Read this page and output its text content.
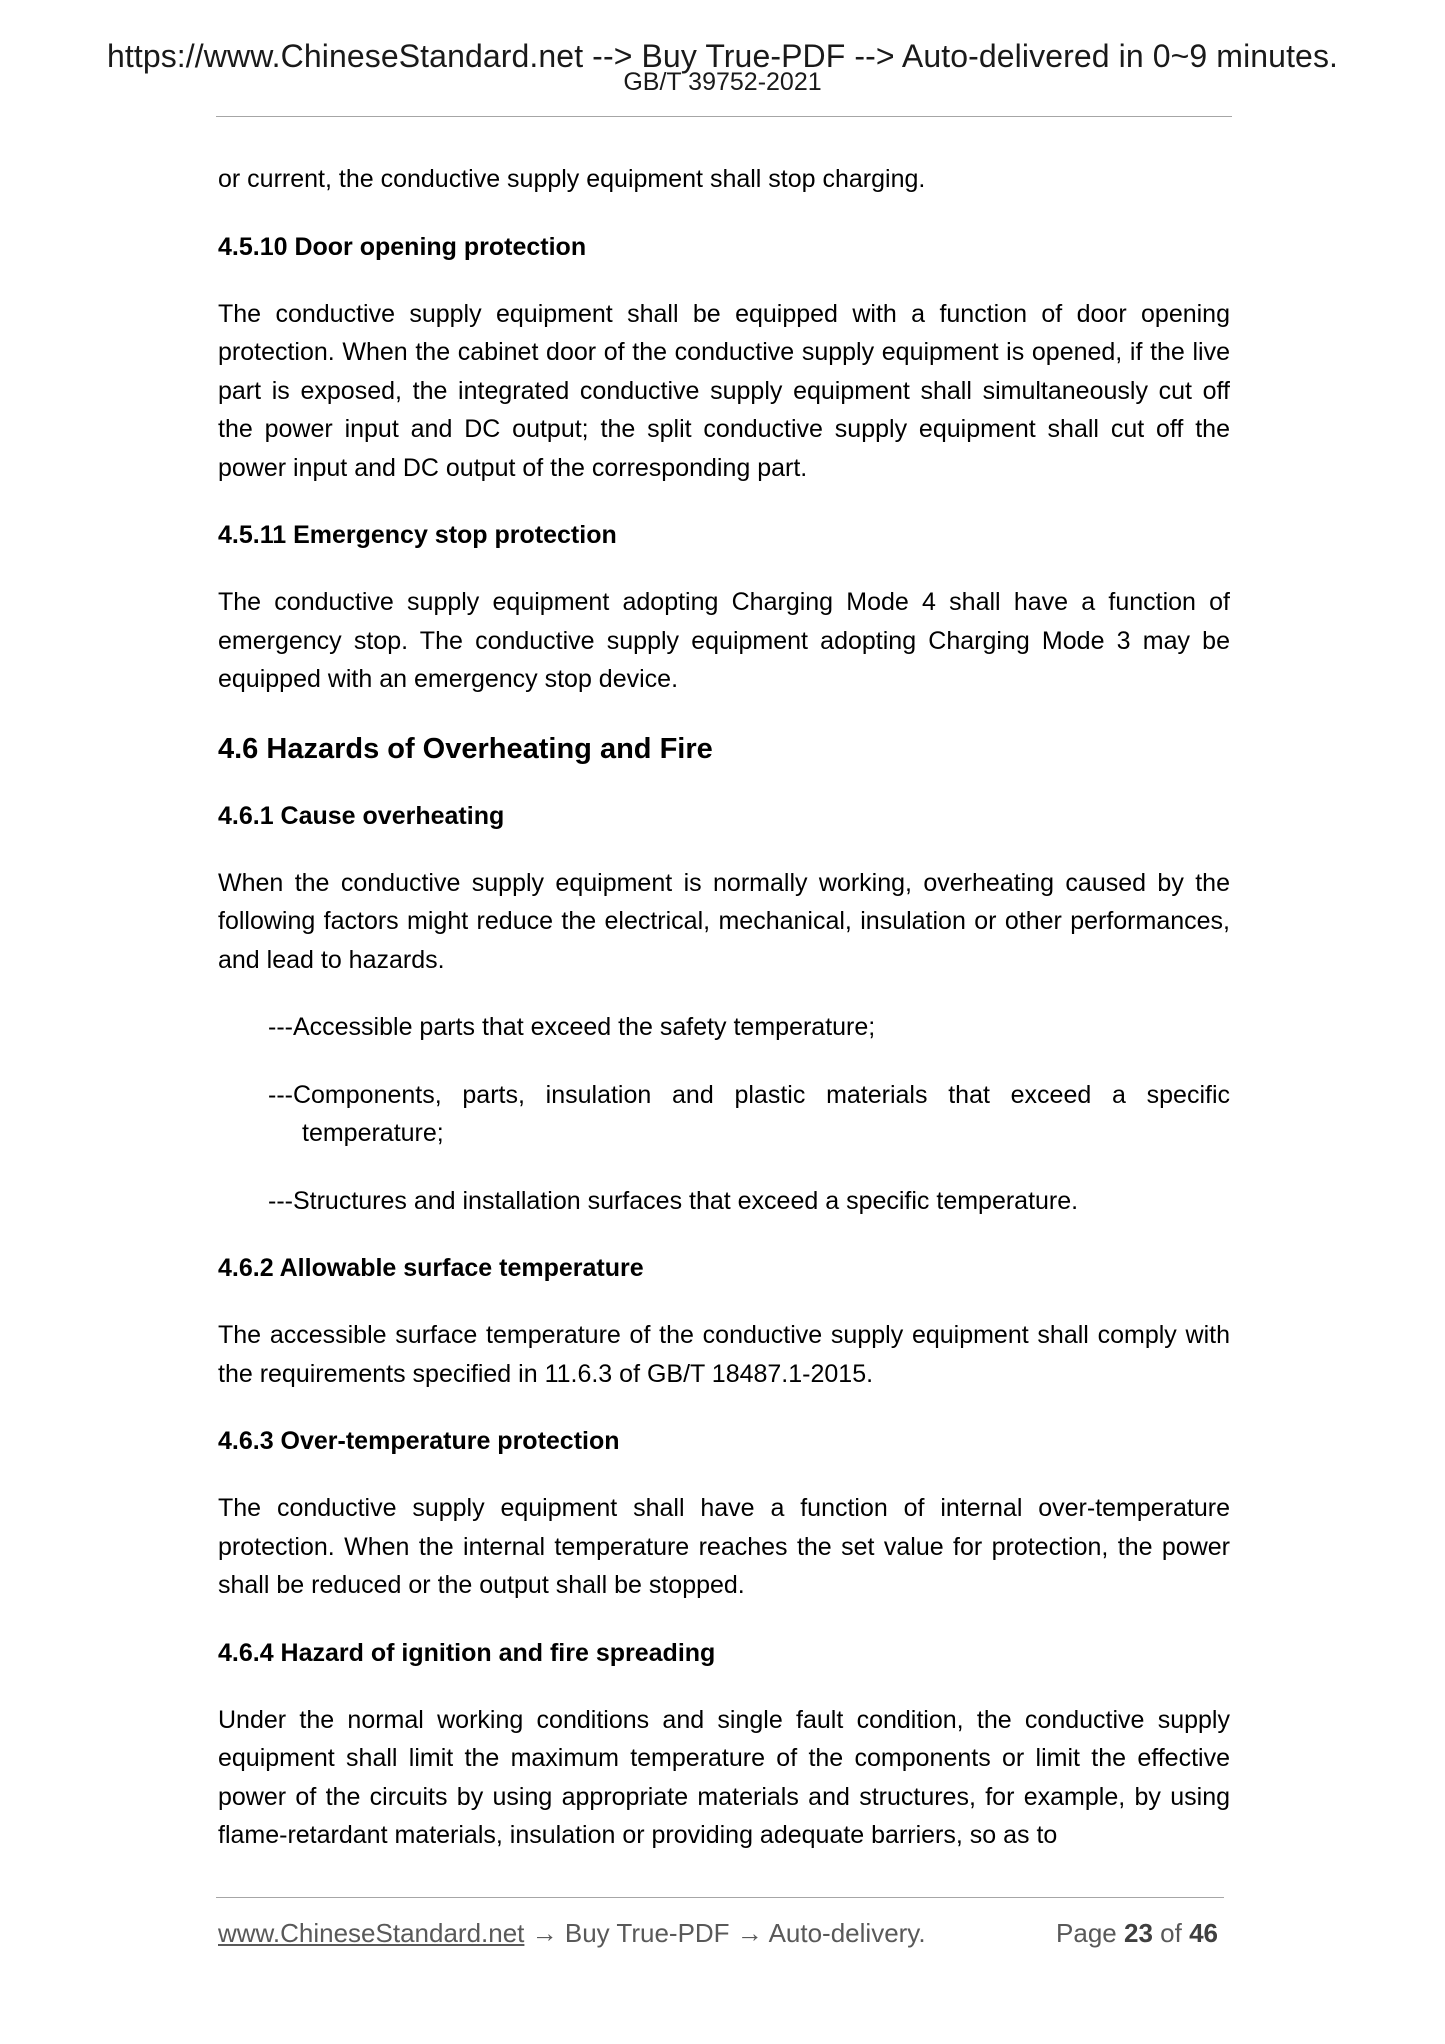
https://www.ChineseStandard.net --> Buy True-PDF --> Auto-delivered in 0~9 minutes.
GB/T 39752-2021
or current, the conductive supply equipment shall stop charging.
4.5.10 Door opening protection
The conductive supply equipment shall be equipped with a function of door opening protection. When the cabinet door of the conductive supply equipment is opened, if the live part is exposed, the integrated conductive supply equipment shall simultaneously cut off the power input and DC output; the split conductive supply equipment shall cut off the power input and DC output of the corresponding part.
4.5.11 Emergency stop protection
The conductive supply equipment adopting Charging Mode 4 shall have a function of emergency stop. The conductive supply equipment adopting Charging Mode 3 may be equipped with an emergency stop device.
4.6 Hazards of Overheating and Fire
4.6.1 Cause overheating
When the conductive supply equipment is normally working, overheating caused by the following factors might reduce the electrical, mechanical, insulation or other performances, and lead to hazards.
---Accessible parts that exceed the safety temperature;
---Components, parts, insulation and plastic materials that exceed a specific temperature;
---Structures and installation surfaces that exceed a specific temperature.
4.6.2 Allowable surface temperature
The accessible surface temperature of the conductive supply equipment shall comply with the requirements specified in 11.6.3 of GB/T 18487.1-2015.
4.6.3 Over-temperature protection
The conductive supply equipment shall have a function of internal over-temperature protection. When the internal temperature reaches the set value for protection, the power shall be reduced or the output shall be stopped.
4.6.4 Hazard of ignition and fire spreading
Under the normal working conditions and single fault condition, the conductive supply equipment shall limit the maximum temperature of the components or limit the effective power of the circuits by using appropriate materials and structures, for example, by using flame-retardant materials, insulation or providing adequate barriers, so as to
www.ChineseStandard.net → Buy True-PDF → Auto-delivery.	Page 23 of 46
